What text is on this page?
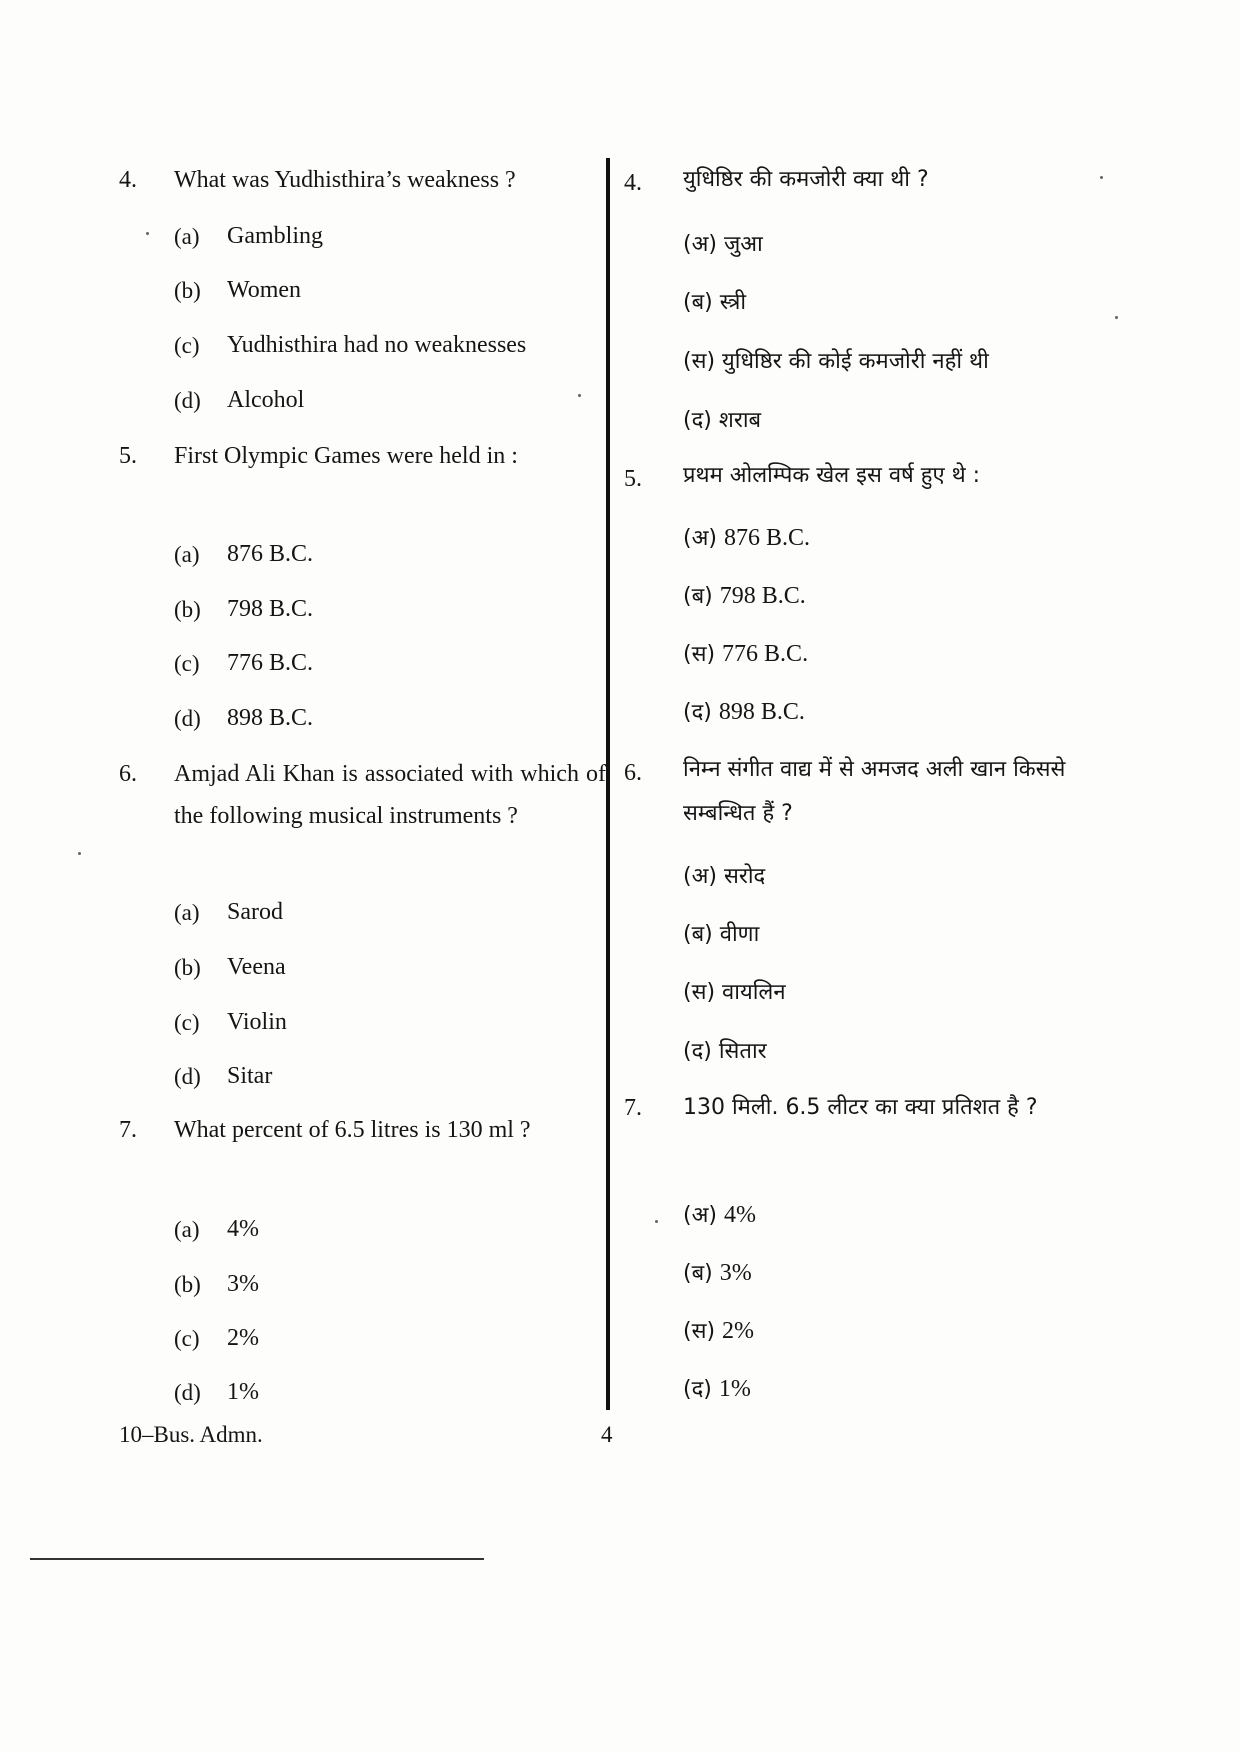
4. What was Yudhisthira’s weakness ?
(a) Gambling
(b) Women
(c) Yudhisthira had no weaknesses
(d) Alcohol
5. First Olympic Games were held in :
(a) 876 B.C.
(b) 798 B.C.
(c) 776 B.C.
(d) 898 B.C.
6. Amjad Ali Khan is associated with which of the following musical instruments ?
(a) Sarod
(b) Veena
(c) Violin
(d) Sitar
7. What percent of 6.5 litres is 130 ml ?
(a) 4%
(b) 3%
(c) 2%
(d) 1%
4. युधिष्ठिर की कमजोरी क्या थी ?
(अ) जुआ
(ब) स्त्री
(स) युधिष्ठिर की कोई कमजोरी नहीं थी
(द) शराब
5. प्रथम ओलम्पिक खेल इस वर्ष हुए थे :
(अ) 876 B.C.
(ब) 798 B.C.
(स) 776 B.C.
(द) 898 B.C.
6. निम्न संगीत वाद्य में से अमजद अली खान किससे सम्बन्धित हैं ?
(अ) सरोद
(ब) वीणा
(स) वायलिन
(द) सितार
7. 130 मिली. 6.5 लीटर का क्या प्रतिशत है ?
(अ) 4%
(ब) 3%
(स) 2%
(द) 1%
10–Bus. Admn.	4
